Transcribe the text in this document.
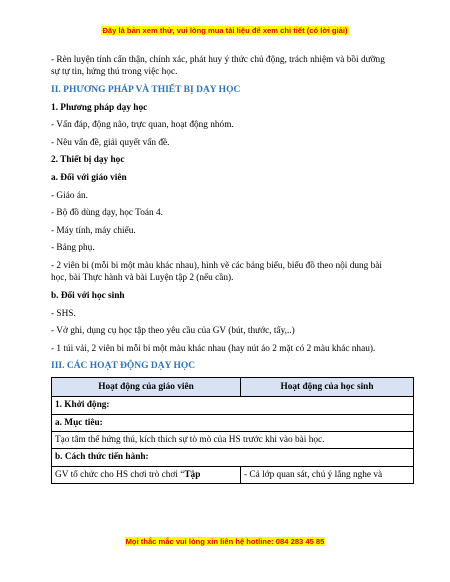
Đây là bản xem thử, vui lòng mua tài liệu để xem chi tiết (có lời giải)

- Rèn luyện tính cẩn thận, chính xác, phát huy ý thức chủ động, trách nhiệm và bồi dưỡng sự tự tin, hứng thú trong việc học.

II. PHƯƠNG PHÁP VÀ THIẾT BỊ DẠY HỌC

1. Phương pháp dạy học

- Vấn đáp, động não, trực quan, hoạt động nhóm.

- Nêu vấn đề, giải quyết vấn đề.

2. Thiết bị dạy học

a. Đối với giáo viên

- Giáo án.

- Bộ đồ dùng dạy, học Toán 4.

- Máy tính, máy chiếu.

- Bảng phụ.

- 2 viên bi (mỗi bi một màu khác nhau), hình vẽ các bảng biểu, biểu đồ theo nội dung bài học, bài Thực hành và bài Luyện tập 2 (nếu cần).

b. Đối với học sinh

- SHS.

- Vở ghi, dụng cụ học tập theo yêu cầu của GV (bút, thước, tẩy,..)

- 1 túi vải, 2 viên bi mỗi bi một màu khác nhau (hay nút áo 2 mặt có 2 màu khác nhau).

III. CÁC HOẠT ĐỘNG DẠY HỌC

Hoạt động của giáo viên	Hoạt động của học sinh
1. Khởi động:	
a. Mục tiêu:	
Tạo tâm thế hứng thú, kích thích sự tò mò của HS trước khi vào bài học.	
b. Cách thức tiến hành:	
GV tổ chức cho HS chơi trò chơi “Tập	- Cả lớp quan sát, chú ý lắng nghe và
Mọi thắc mắc vui lòng xin liên hệ hotline: 084 283 45 85
